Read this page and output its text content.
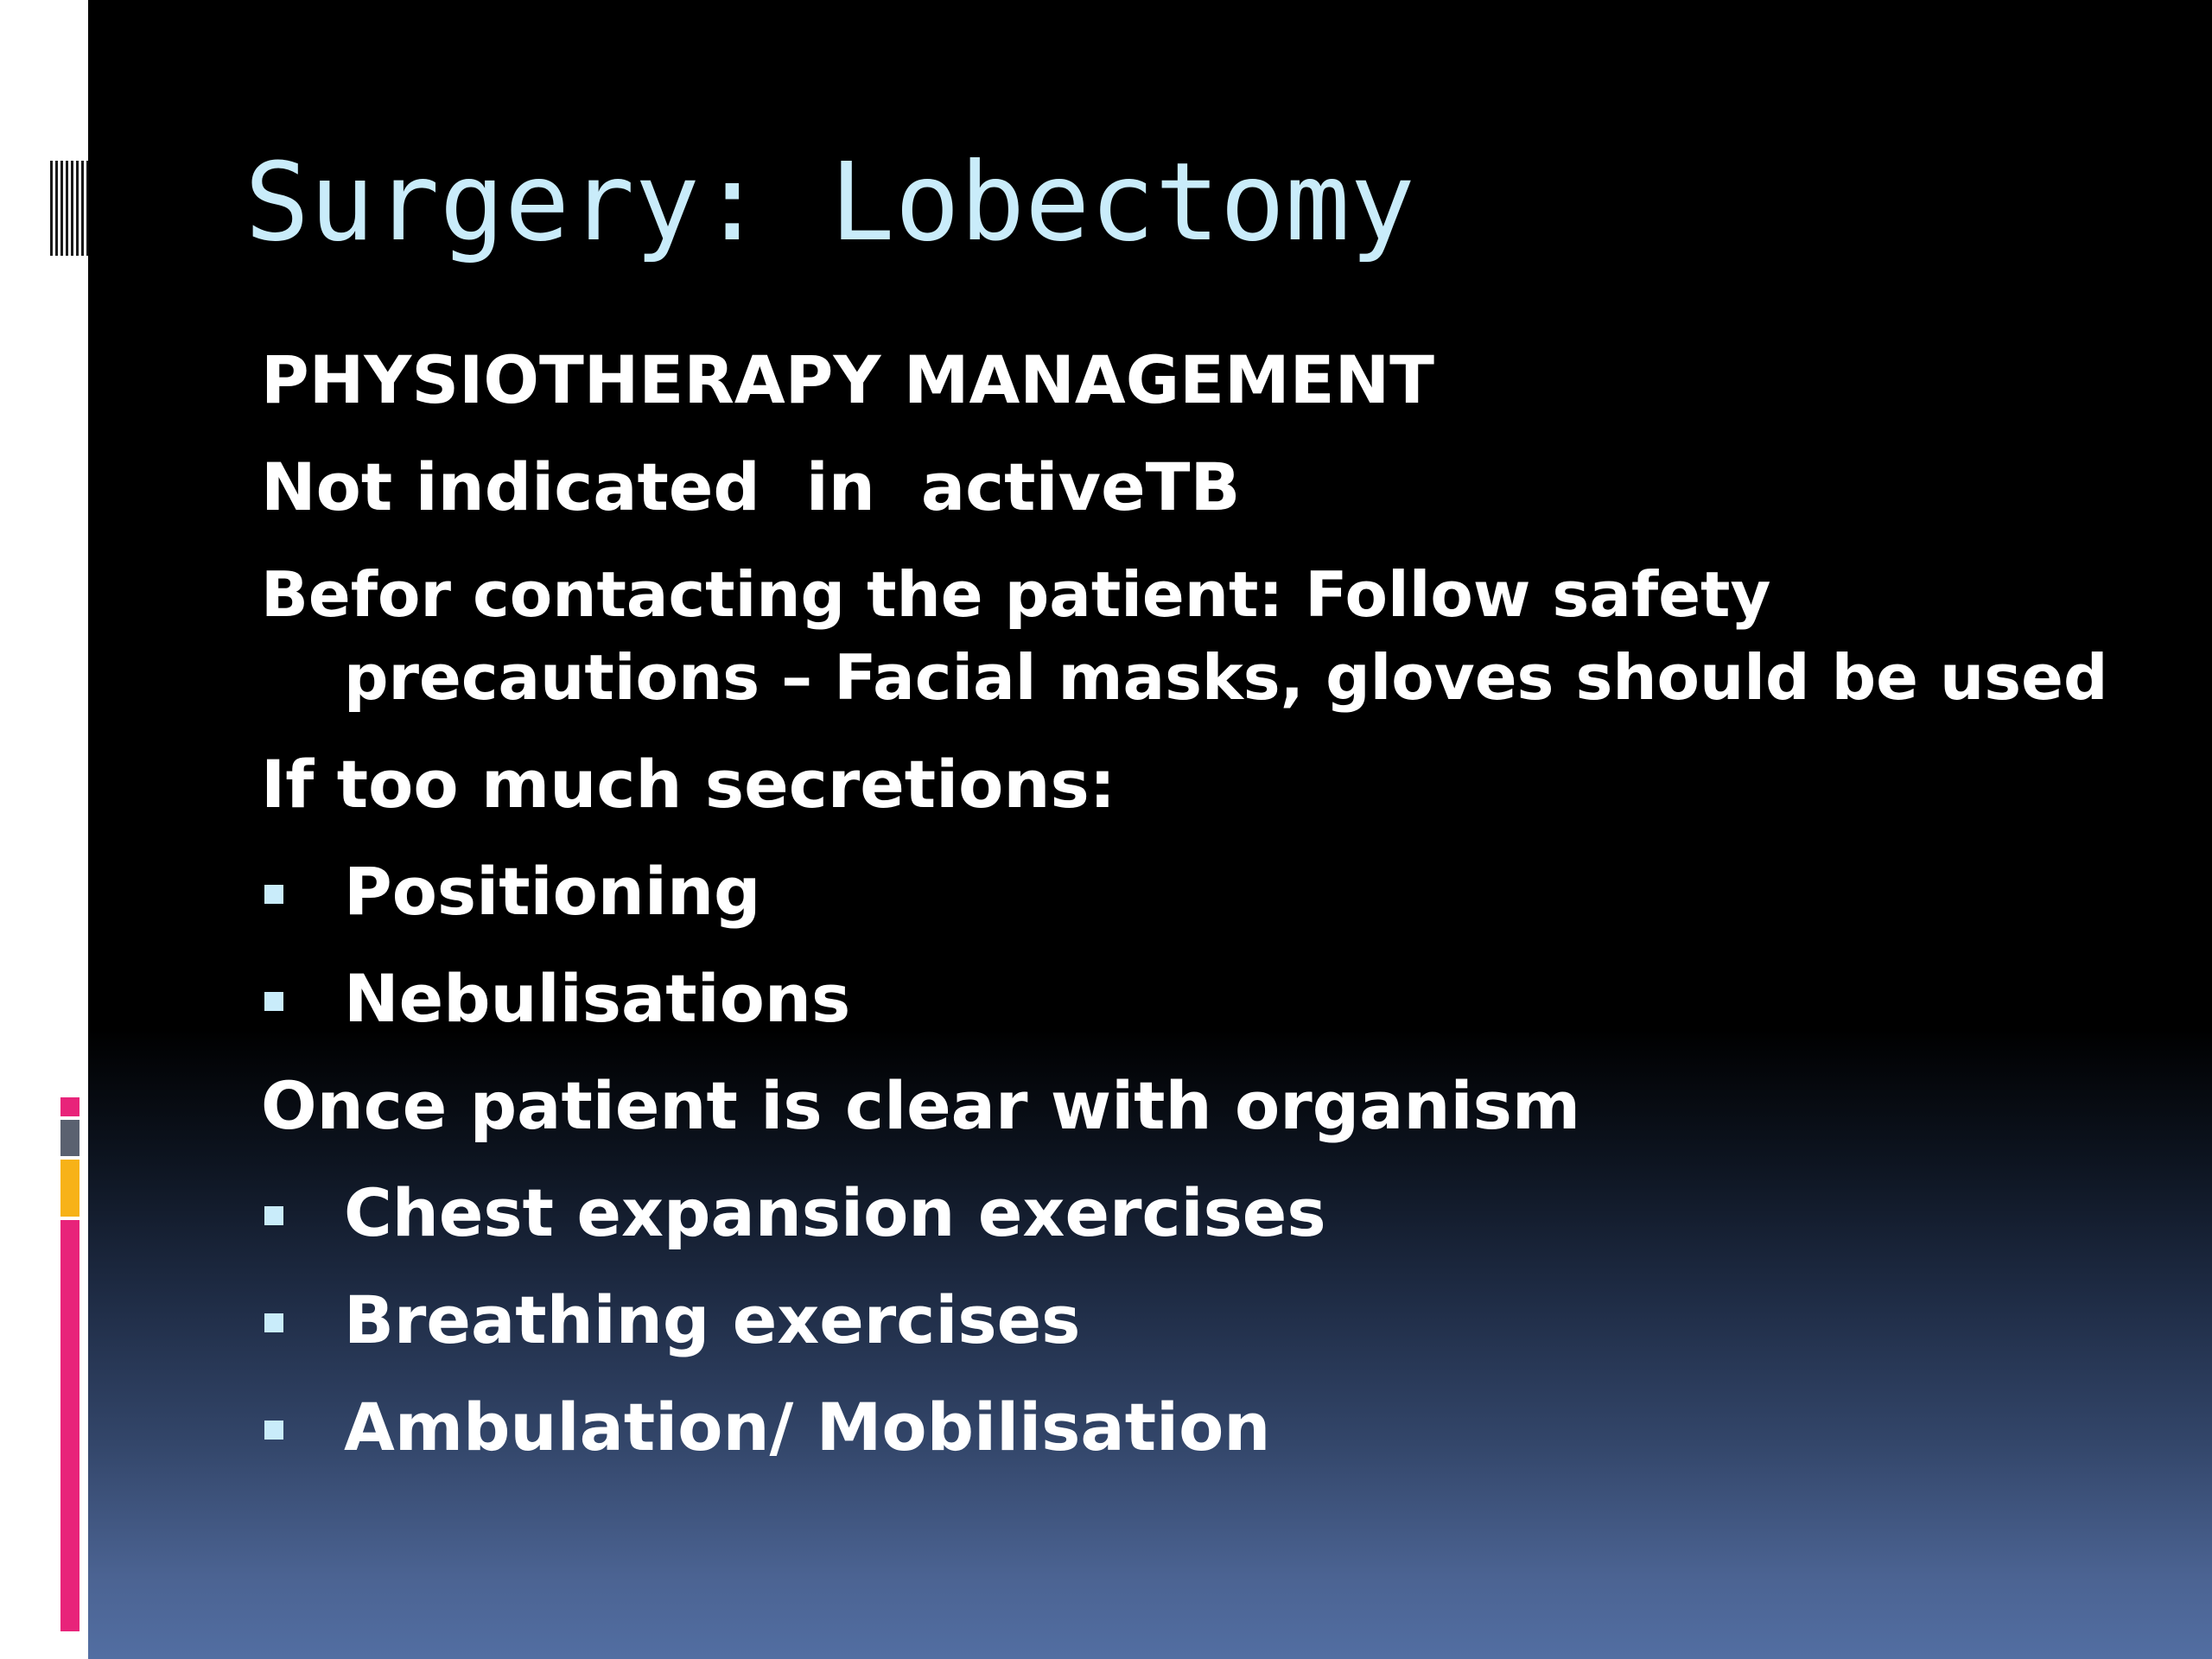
Surgery: Lobectomy
PHYSIOTHERAPY MANAGEMENT
Not indicated  in  activeTB
Befor contacting the patient: Follow safety precautions – Facial masks, gloves should be used
If too much secretions:
Positioning
Nebulisations
Once patient is clear with organism
Chest expansion exercises
Breathing exercises
Ambulation/ Mobilisation
